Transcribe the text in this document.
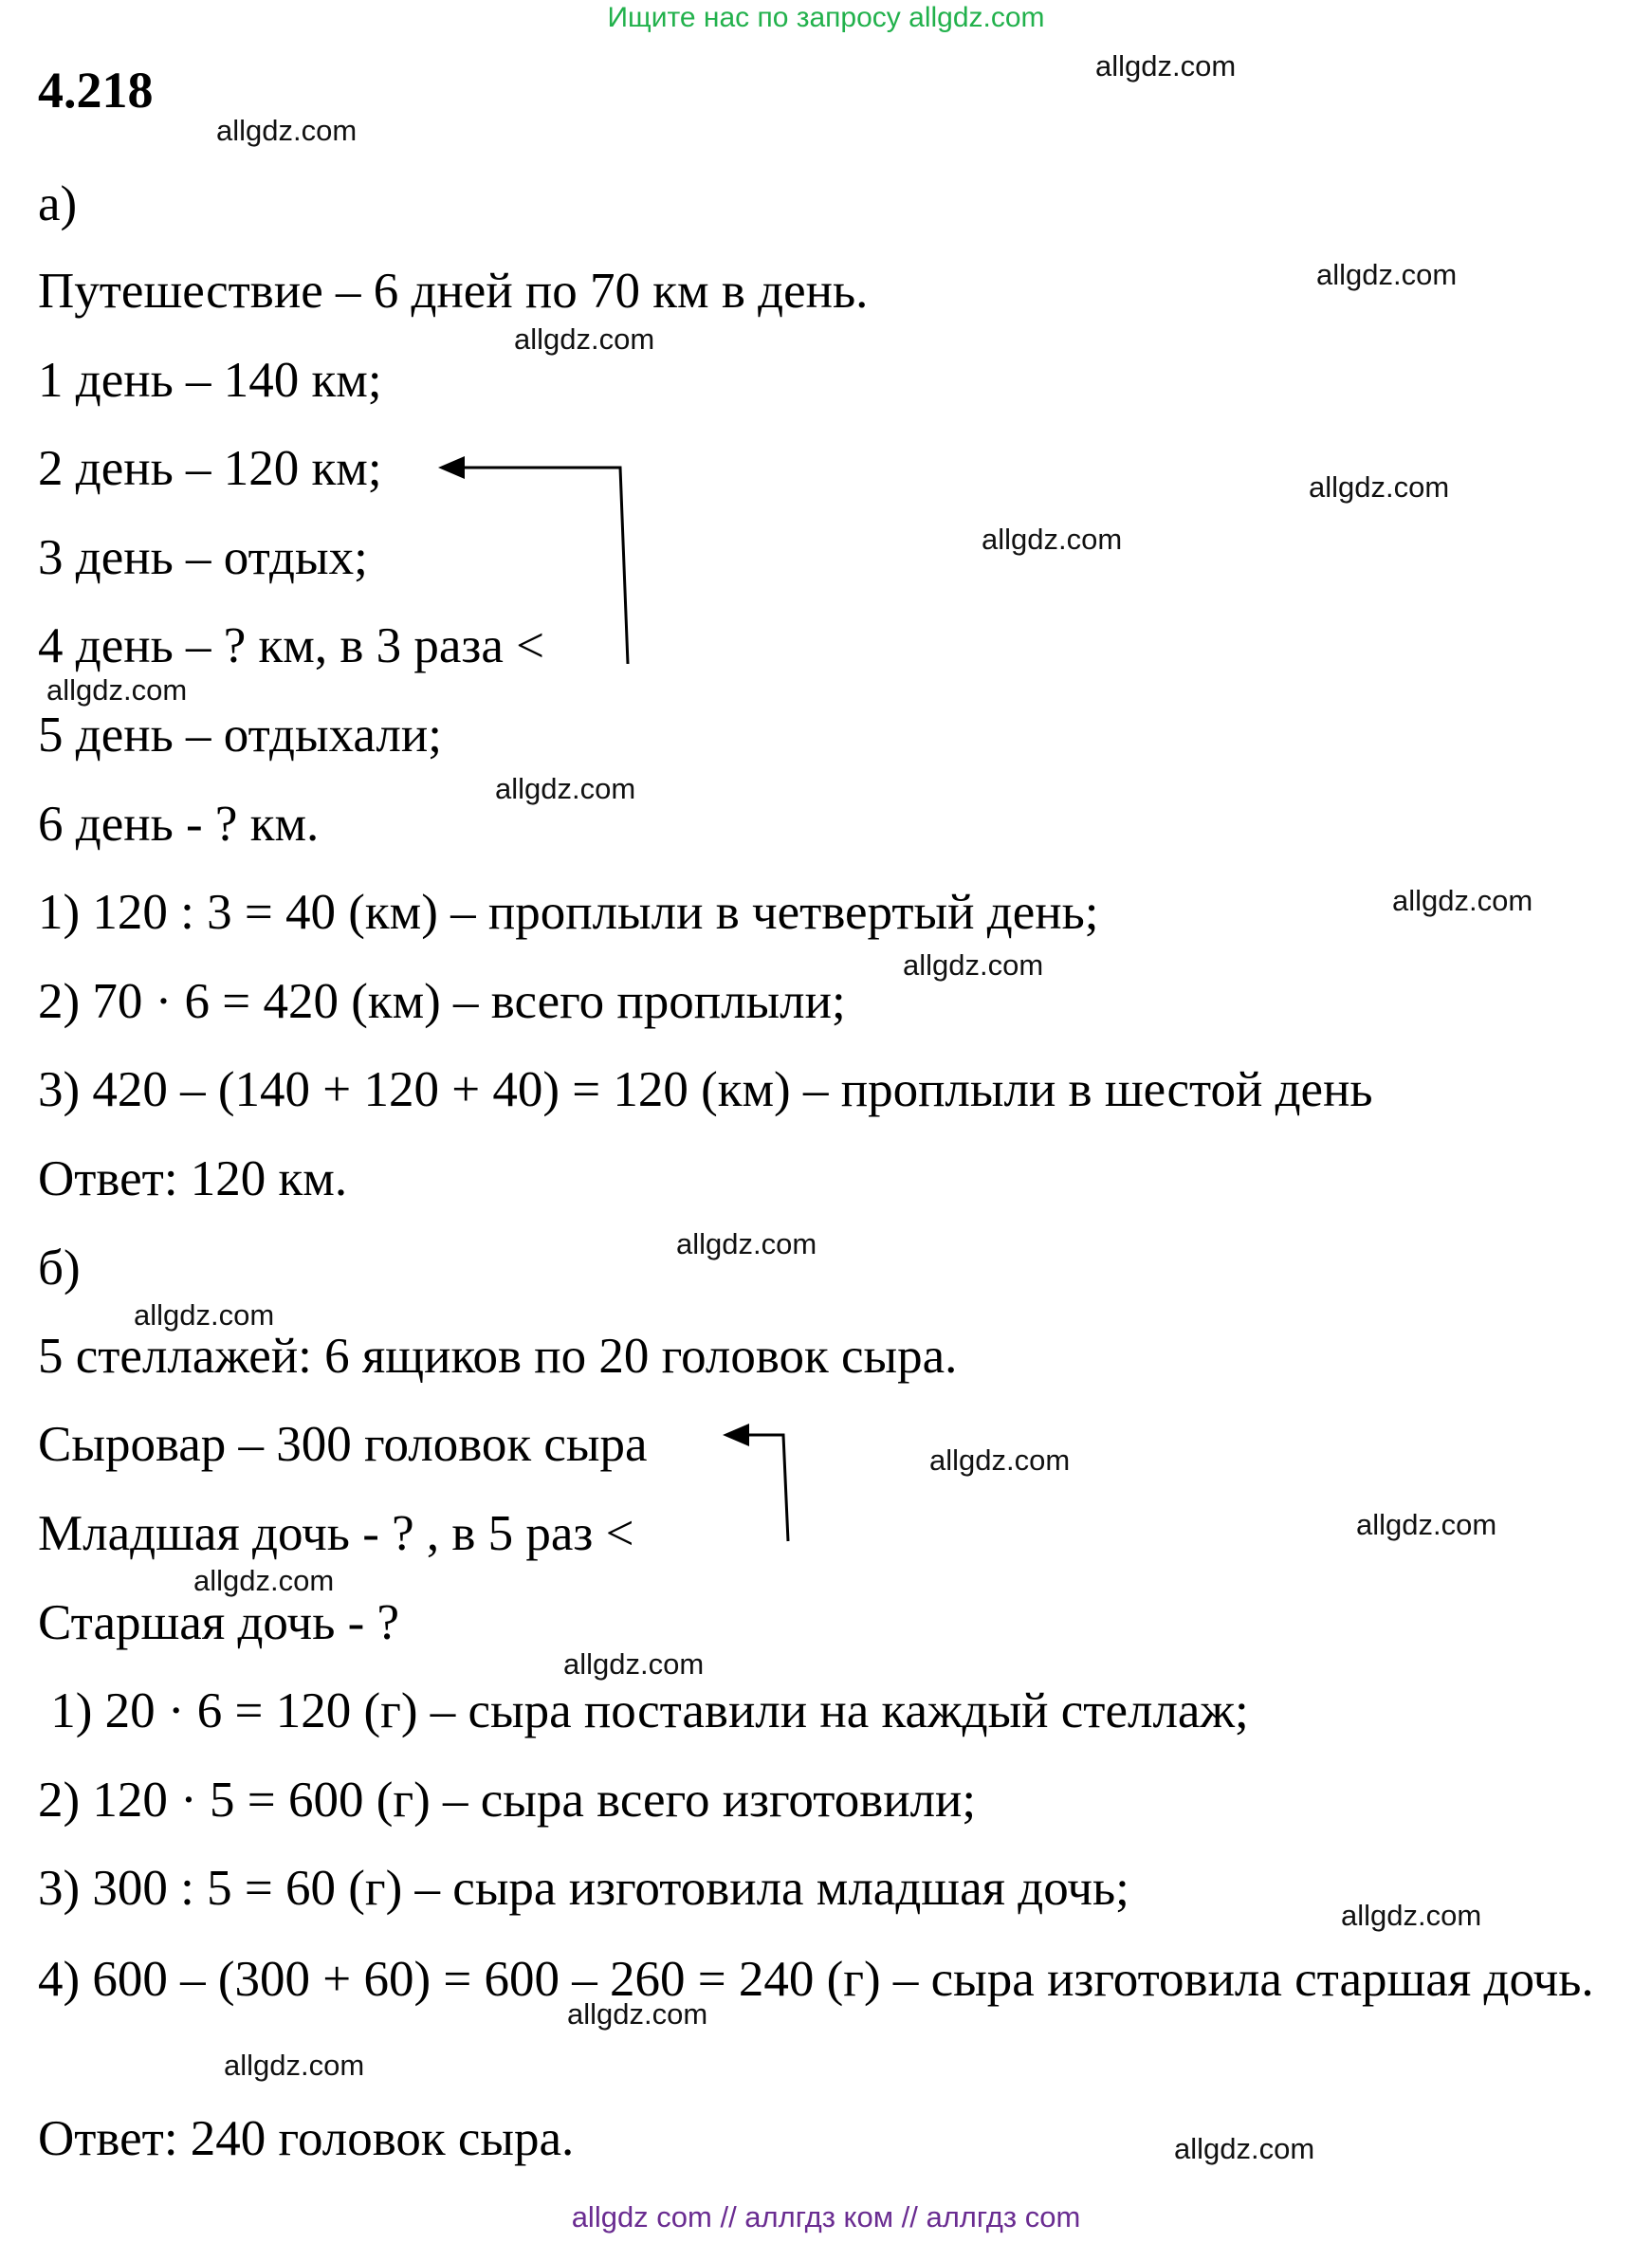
Ищите нас по запросу allgdz.com
4.218
а)
Путешествие – 6 дней по 70 км в день.
1 день – 140 км;
2 день – 120 км;
3 день – отдых;
4 день – ? км, в 3 раза <
5 день – отдыхали;
6 день - ? км.
1) 120 : 3 = 40 (км) – проплыли в четвертый день;
2) 70 · 6 = 420 (км) – всего проплыли;
3) 420 – (140 + 120 + 40) = 120 (км) – проплыли в шестой день
Ответ: 120 км.
б)
5 стеллажей: 6 ящиков по 20 головок сыра.
Сыровар – 300 головок сыра
Младшая дочь - ? , в 5 раз <
Старшая дочь - ?
1) 20 · 6 = 120 (г) – сыра поставили на каждый стеллаж;
2) 120 · 5 = 600 (г) – сыра всего изготовили;
3) 300 : 5 = 60 (г) – сыра изготовила младшая дочь;
4) 600 – (300 + 60) = 600 – 260 = 240 (г) – сыра изготовила старшая дочь.
Ответ: 240 головок сыра.
allgdz.com
allgdz.com
allgdz.com
allgdz.com
allgdz.com
allgdz.com
allgdz.com
allgdz.com
allgdz.com
allgdz.com
allgdz.com
allgdz.com
allgdz.com
allgdz.com
allgdz.com
allgdz.com
allgdz.com
allgdz.com
allgdz.com
allgdz.com
allgdz com // аллгдз ком // аллгдз com
